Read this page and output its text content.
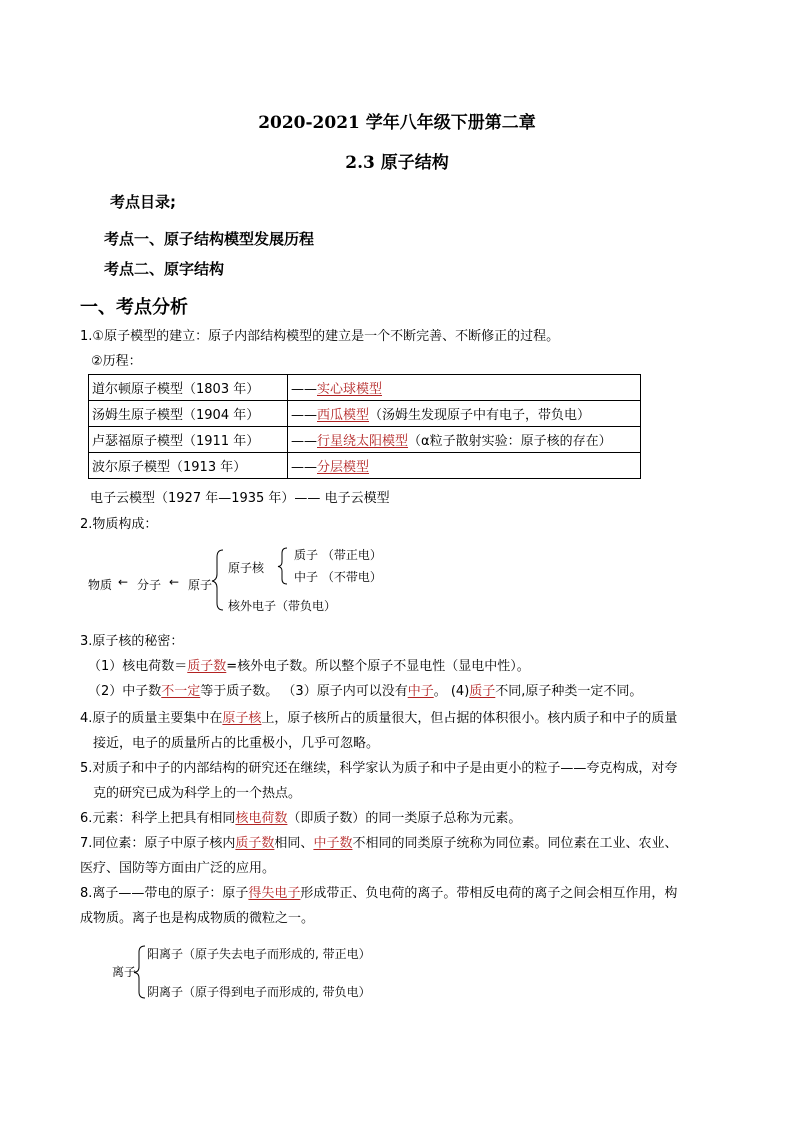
2020-2021 学年八年级下册第二章
2.3 原子结构
考点目录;
考点一、原子结构模型发展历程
考点二、原字结构
一、考点分析
1.①原子模型的建立：原子内部结构模型的建立是一个不断完善、不断修正的过程。
②历程：
道尔顿原子模型（1803 年）	——实心球模型
汤姆生原子模型（1904 年）	——西瓜模型（汤姆生发现原子中有电子，带负电）
卢瑟福原子模型（1911 年）	——行星绕太阳模型（α粒子散射实验：原子核的存在）
波尔原子模型（1913 年）	——分层模型
电子云模型（1927 年—1935 年）—— 电子云模型
2.物质构成：
物质 ← 分子 ← 原子
原子核
质子 （带正电）
中子 （不带电）
核外电子（带负电）
3.原子核的秘密：
（1）核电荷数＝质子数=核外电子数。所以整个原子不显电性（显电中性）。
（2）中子数不一定等于质子数。 （3）原子内可以没有中子。 (4)质子不同,原子种类一定不同。
4.原子的质量主要集中在原子核上，原子核所占的质量很大，但占据的体积很小。核内质子和中子的质量
接近，电子的质量所占的比重极小，几乎可忽略。
5.对质子和中子的内部结构的研究还在继续，科学家认为质子和中子是由更小的粒子——夸克构成，对夸
克的研究已成为科学上的一个热点。
6.元素：科学上把具有相同核电荷数（即质子数）的同一类原子总称为元素。
7.同位素：原子中原子核内质子数相同、中子数不相同的同类原子统称为同位素。同位素在工业、农业、
医疗、国防等方面由广泛的应用。
8.离子——带电的原子：原子得失电子形成带正、负电荷的离子。带相反电荷的离子之间会相互作用，构
成物质。离子也是构成物质的微粒之一。
离子
阳离子（原子失去电子而形成的, 带正电）
阴离子（原子得到电子而形成的, 带负电）
